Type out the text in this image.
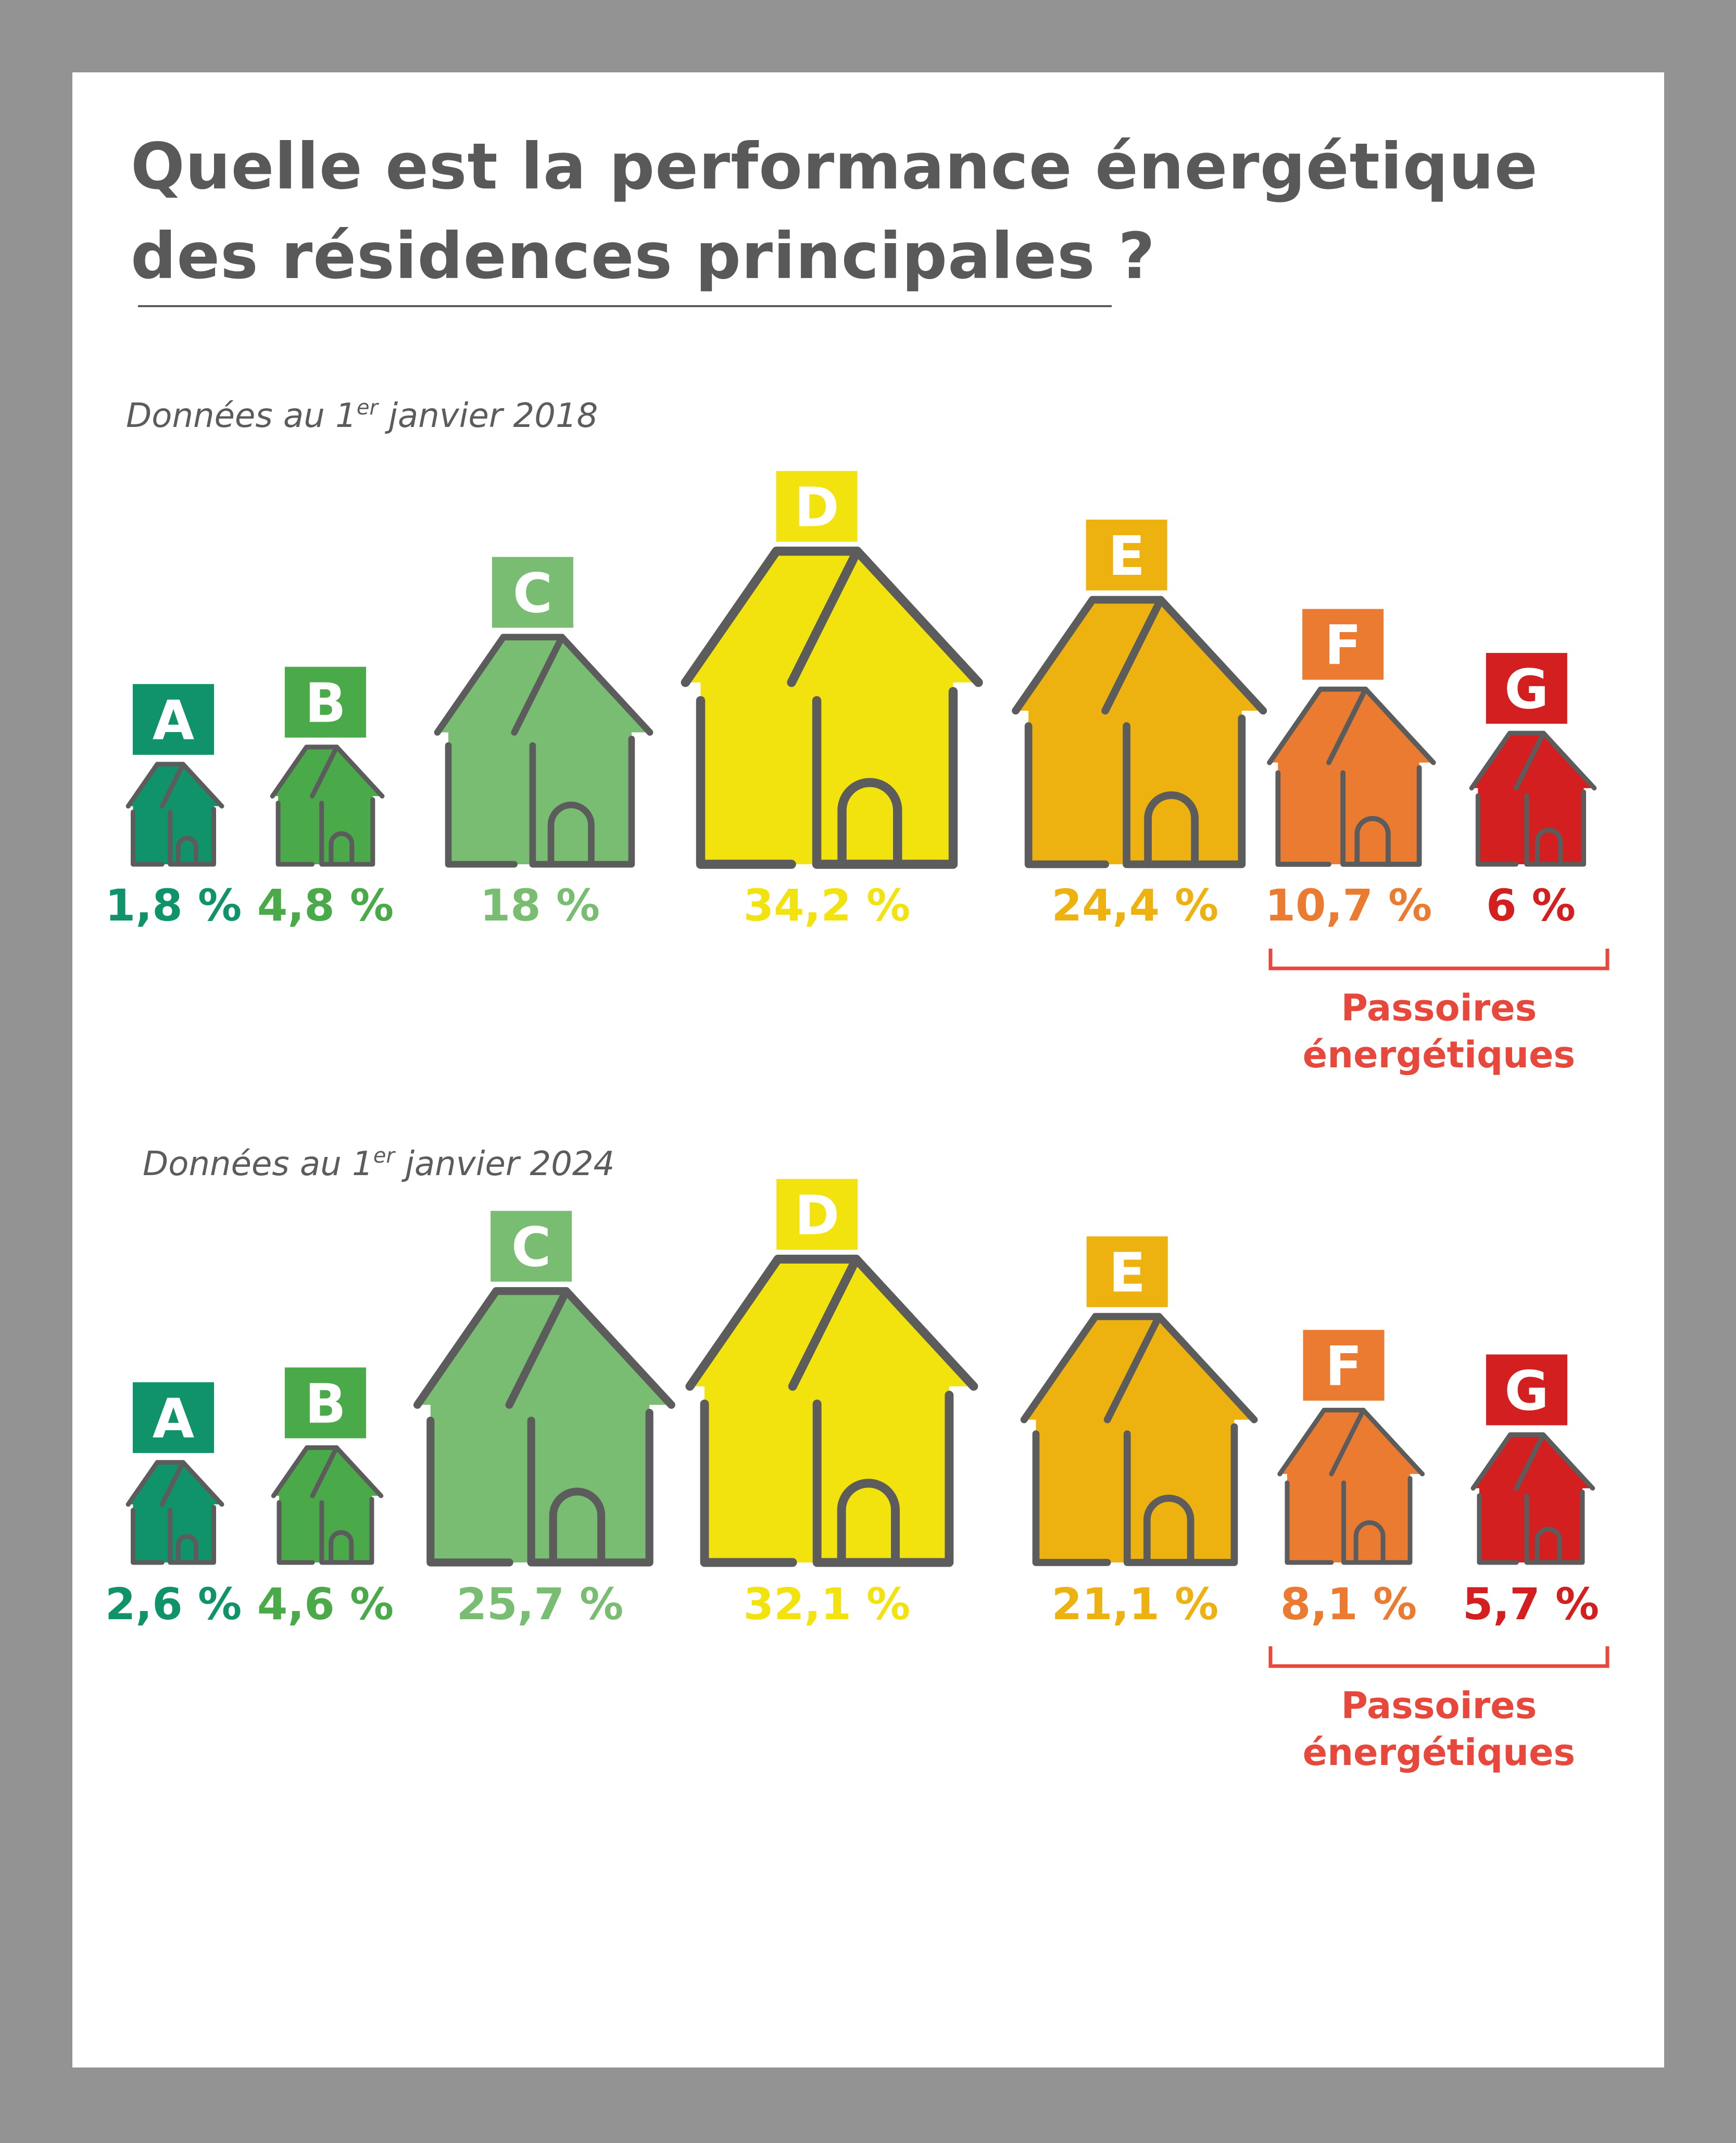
Quelle est la performance énergétique
des résidences principales ?
Données au 1er janvier 2018
A
1,8 %
B
4,8 %
C
18 %
D
34,2 %
E
24,4 %
F
10,7 %
G
6 %
Passoires
énergétiques
Données au 1er janvier 2024
A
2,6 %
B
4,6 %
C
25,7 %
D
32,1 %
E
21,1 %
F
8,1 %
G
5,7 %
Passoires
énergétiques
